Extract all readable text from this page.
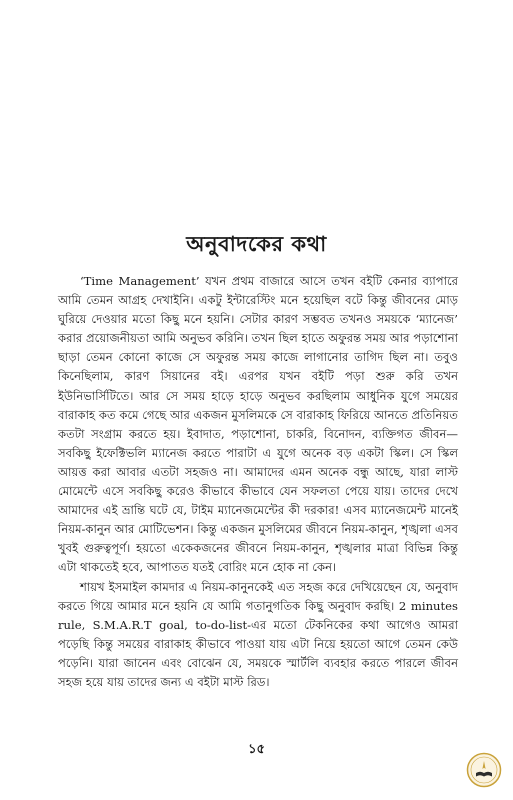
অনুবাদকের কথা

‘Time Management’ যখন প্রথম বাজারে আসে তখন বইটি কেনার ব্যাপারে আমি তেমন আগ্রহ দেখাইনি। একটু ইন্টারেস্টিং মনে হয়েছিল বটে কিন্তু জীবনের মোড় ঘুরিয়ে দেওয়ার মতো কিছু মনে হয়নি। সেটার কারণ সম্ভবত তখনও সময়কে ‘ম্যানেজ’ করার প্রয়োজনীয়তা আমি অনুভব করিনি। তখন ছিল হাতে অফুরন্ত সময় আর পড়াশোনা ছাড়া তেমন কোনো কাজে সে অফুরন্ত সময় কাজে লাগানোর তাগিদ ছিল না। তবুও কিনেছিলাম, কারণ সিয়ানের বই। এরপর যখন বইটি পড়া শুরু করি তখন ইউনিভার্সিটিতে। আর সে সময় হাড়ে হাড়ে অনুভব করছিলাম আধুনিক যুগে সময়ের বারাকাহ কত কমে গেছে আর একজন মুসলিমকে সে বারাকাহ ফিরিয়ে আনতে প্রতিনিয়ত কতটা সংগ্রাম করতে হয়। ইবাদাত, পড়াশোনা, চাকরি, বিনোদন, ব্যক্তিগত জীবন—সবকিছু ইফেক্টিভলি ম্যানেজ করতে পারাটা এ যুগে অনেক বড় একটা স্কিল। সে স্কিল আয়ত্ত করা আবার এতটা সহজও না। আমাদের এমন অনেক বন্ধু আছে, যারা লাস্ট মোমেন্টে এসে সবকিছু করেও কীভাবে কীভাবে যেন সফলতা পেয়ে যায়। তাদের দেখে আমাদের এই ভ্রান্তি ঘটে যে, টাইম ম্যানেজমেন্টের কী দরকার! এসব ম্যানেজমেন্ট মানেই নিয়ম-কানুন আর মোটিভেশন। কিন্তু একজন মুসলিমের জীবনে নিয়ম-কানুন, শৃঙ্খলা এসব খুবই গুরুত্বপূর্ণ। হয়তো একেকজনের জীবনে নিয়ম-কানুন, শৃঙ্খলার মাত্রা বিভিন্ন কিন্তু এটা থাকতেই হবে, আপাতত যতই বোরিং মনে হোক না কেন।

শায়খ ইসমাইল কামদার এ নিয়ম-কানুনকেই এত সহজ করে দেখিয়েছেন যে, অনুবাদ করতে গিয়ে আমার মনে হয়নি যে আমি গতানুগতিক কিছু অনুবাদ করছি। 2 minutes rule, S.M.A.R.T goal, to-do-list-এর মতো টেকনিকের কথা আগেও আমরা পড়েছি কিন্তু সময়ের বারাকাহ কীভাবে পাওয়া যায় এটা নিয়ে হয়তো আগে তেমন কেউ পড়েনি। যারা জানেন এবং বোঝেন যে, সময়কে স্মার্টলি ব্যবহার করতে পারলে জীবন সহজ হয়ে যায় তাদের জন্য এ বইটা মাস্ট রিড।

১৫
